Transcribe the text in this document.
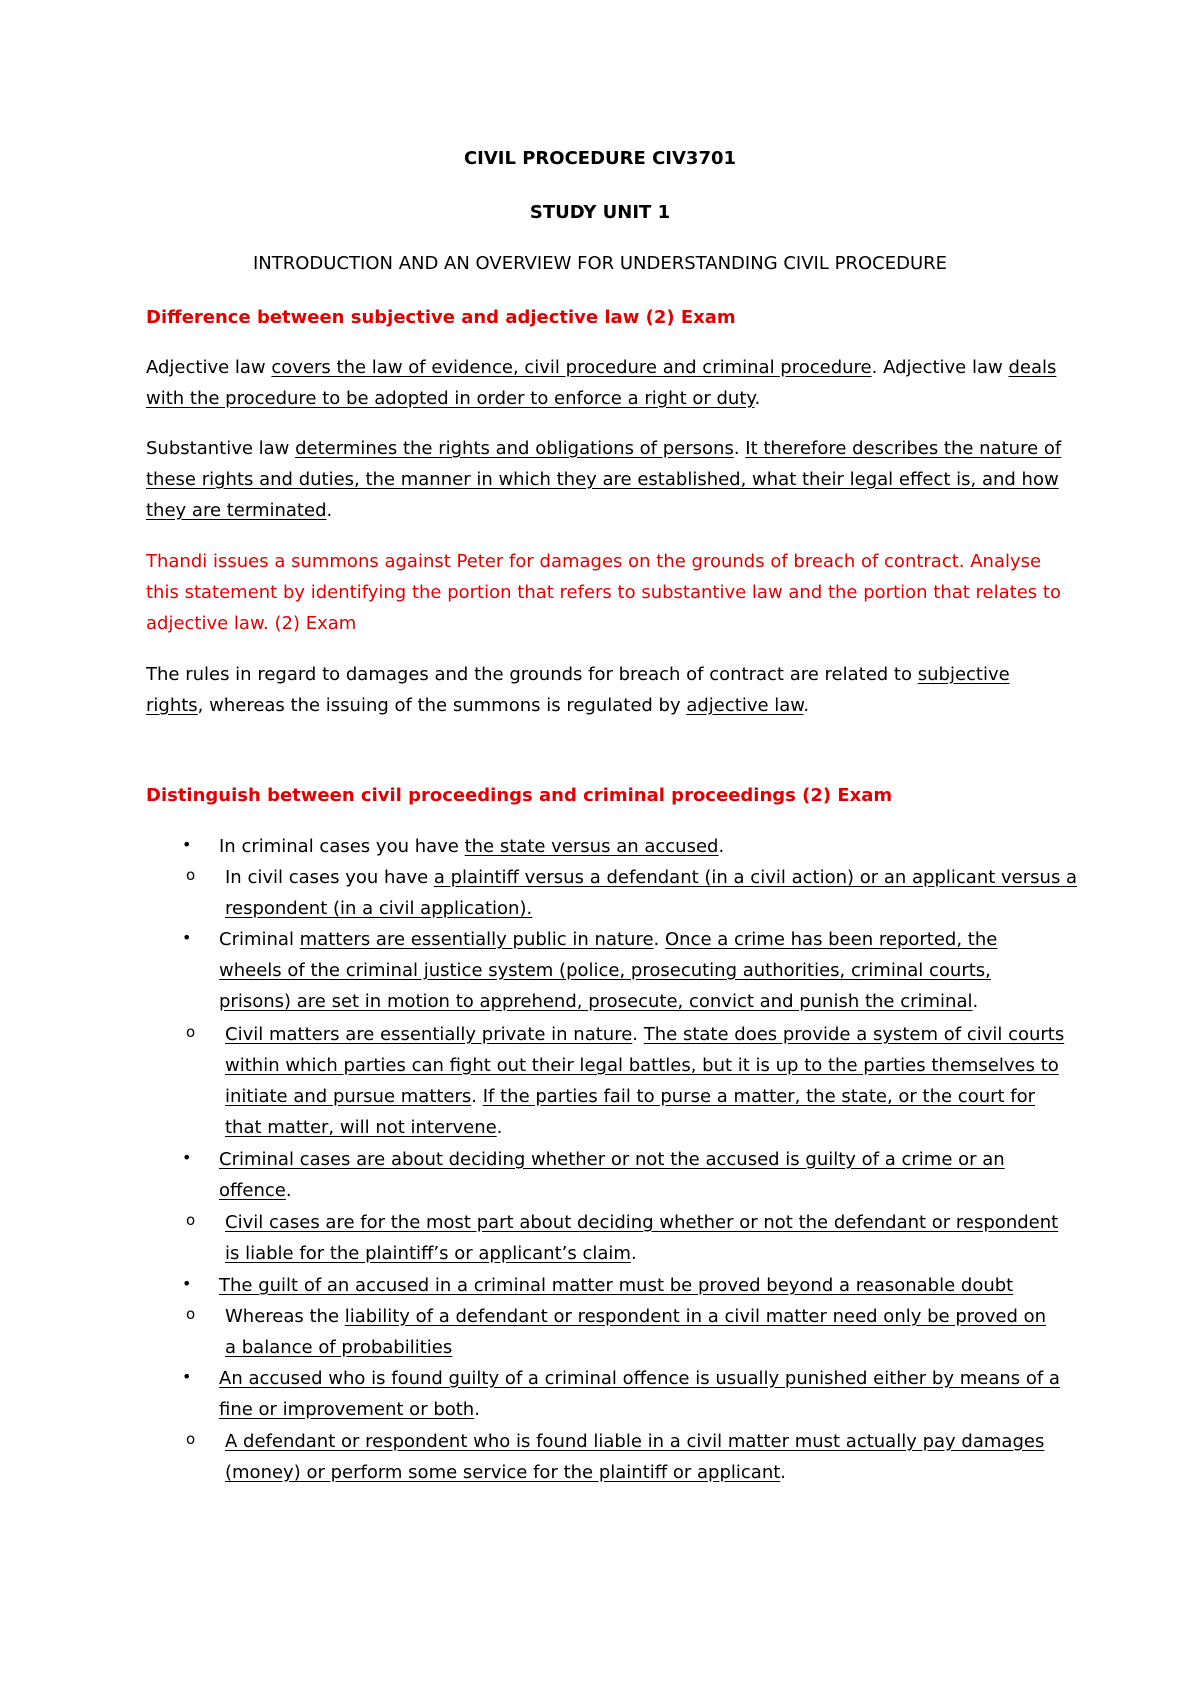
CIVIL PROCEDURE CIV3701
STUDY UNIT 1
INTRODUCTION AND AN OVERVIEW FOR UNDERSTANDING CIVIL PROCEDURE
Difference between subjective and adjective law (2) Exam
Adjective law covers the law of evidence, civil procedure and criminal procedure. Adjective law deals
with the procedure to be adopted in order to enforce a right or duty.
Substantive law determines the rights and obligations of persons. It therefore describes the nature of
these rights and duties, the manner in which they are established, what their legal effect is, and how
they are terminated.
Thandi issues a summons against Peter for damages on the grounds of breach of contract. Analyse
this statement by identifying the portion that refers to substantive law and the portion that relates to
adjective law. (2) Exam
The rules in regard to damages and the grounds for breach of contract are related to subjective
rights, whereas the issuing of the summons is regulated by adjective law.
Distinguish between civil proceedings and criminal proceedings (2) Exam
• In criminal cases you have the state versus an accused.
o In civil cases you have a plaintiff versus a defendant (in a civil action) or an applicant versus a
respondent (in a civil application).
• Criminal matters are essentially public in nature. Once a crime has been reported, the
wheels of the criminal justice system (police, prosecuting authorities, criminal courts,
prisons) are set in motion to apprehend, prosecute, convict and punish the criminal.
o Civil matters are essentially private in nature. The state does provide a system of civil courts
within which parties can fight out their legal battles, but it is up to the parties themselves to
initiate and pursue matters. If the parties fail to purse a matter, the state, or the court for
that matter, will not intervene.
• Criminal cases are about deciding whether or not the accused is guilty of a crime or an
offence.
o Civil cases are for the most part about deciding whether or not the defendant or respondent
is liable for the plaintiff’s or applicant’s claim.
• The guilt of an accused in a criminal matter must be proved beyond a reasonable doubt
o Whereas the liability of a defendant or respondent in a civil matter need only be proved on
a balance of probabilities
• An accused who is found guilty of a criminal offence is usually punished either by means of a
fine or improvement or both.
o A defendant or respondent who is found liable in a civil matter must actually pay damages
(money) or perform some service for the plaintiff or applicant.
